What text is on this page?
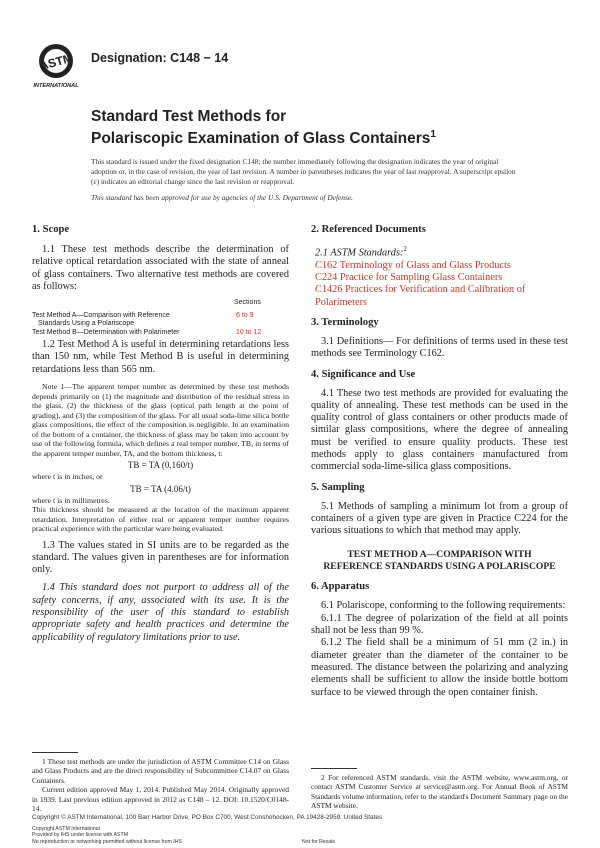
ASTM
INTERNATIONAL
Designation: C148 − 14
Standard Test Methods for
Polariscopic Examination of Glass Containers$^1$
This standard is issued under the fixed designation C148; the number immediately following the designation indicates the year of original adoption or, in the case of revision, the year of last revision. A number in parentheses indicates the year of last reapproval. A superscript epsilon (ε) indicates an editorial change since the last revision or reapproval.
This standard has been approved for use by agencies of the U.S. Department of Defense.

1. Scope

1.1 These test methods describe the determination of relative optical retardation associated with the state of anneal of glass containers. Two alternative test methods are covered as follows:

Sections
Test Method A—Comparison with Reference	6 to 9
Standards Using a Polariscope
Test Method B—Determination with Polarimeter	10 to 12

1.2 Test Method A is useful in determining retardations less than 150 nm, while Test Method B is useful in determining retardations less than 565 nm.

Note 1—The apparent temper number as determined by these test methods depends primarily on (1) the magnitude and distribution of the residual stress in the glass, (2) the thickness of the glass (optical path length at the point of grading), and (3) the composition of the glass. For all usual soda-lime silica bottle glass compositions, the effect of the composition is negligible. In an examination of the bottom of a container, the thickness of glass may be taken into account by use of the following formula, which defines a real temper number, TB, in terms of the apparent temper number, TA, and the bottom thickness, t:

TB = TA (0.160/t)

where t is in inches, or

TB = TA (4.06/t)

where t is in millimetres.

This thickness should be measured at the location of the maximum apparent retardation. Interpretation of either real or apparent temper number requires practical experience with the particular ware being evaluated.

1.3 The values stated in SI units are to be regarded as the standard. The values given in parentheses are for information only.

1.4 This standard does not purport to address all of the safety concerns, if any, associated with its use. It is the responsibility of the user of this standard to establish appropriate safety and health practices and determine the applicability of regulatory limitations prior to use.

1 These test methods are under the jurisdiction of ASTM Committee C14 on Glass and Glass Products and are the direct responsibility of Subcommittee C14.07 on Glass Containers.

Current edition approved May 1, 2014. Published May 2014. Originally approved in 1939. Last previous edition approved in 2012 as C148 – 12. DOI: 10.1520/C0148-14.

2. Referenced Documents

2.1 ASTM Standards:$^2$

C162 Terminology of Glass and Glass Products

C224 Practice for Sampling Glass Containers

C1426 Practices for Verification and Calibration of Polarimeters

3. Terminology

3.1 Definitions— For definitions of terms used in these test methods see Terminology C162.

4. Significance and Use

4.1 These two test methods are provided for evaluating the quality of annealing. These test methods can be used in the quality control of glass containers or other products made of similar glass compositions, where the degree of annealing must be verified to ensure quality products. These test methods apply to glass containers manufactured from commercial soda-lime-silica glass compositions.

5. Sampling

5.1 Methods of sampling a minimum lot from a group of containers of a given type are given in Practice C224 for the various situations to which that method may apply.

TEST METHOD A—COMPARISON WITH

REFERENCE STANDARDS USING A POLARISCOPE

6. Apparatus

6.1 Polariscope, conforming to the following requirements:

6.1.1 The degree of polarization of the field at all points shall not be less than 99 %.

6.1.2 The field shall be a minimum of 51 mm (2 in.) in diameter greater than the diameter of the container to be measured. The distance between the polarizing and analyzing elements shall be sufficient to allow the inside bottle bottom surface to be viewed through the open container finish.

2 For referenced ASTM standards, visit the ASTM website, www.astm.org, or contact ASTM Customer Service at service@astm.org. For Annual Book of ASTM Standards volume information, refer to the standard's Document Summary page on the ASTM website.

Copyright © ASTM International, 100 Barr Harbor Drive, PO Box C700, West Conshohocken, PA 19428-2959. United States
Copyright ASTM International
Provided by IHS under license with ASTM
No reproduction or networking permitted without license from IHS	Not for Resale
